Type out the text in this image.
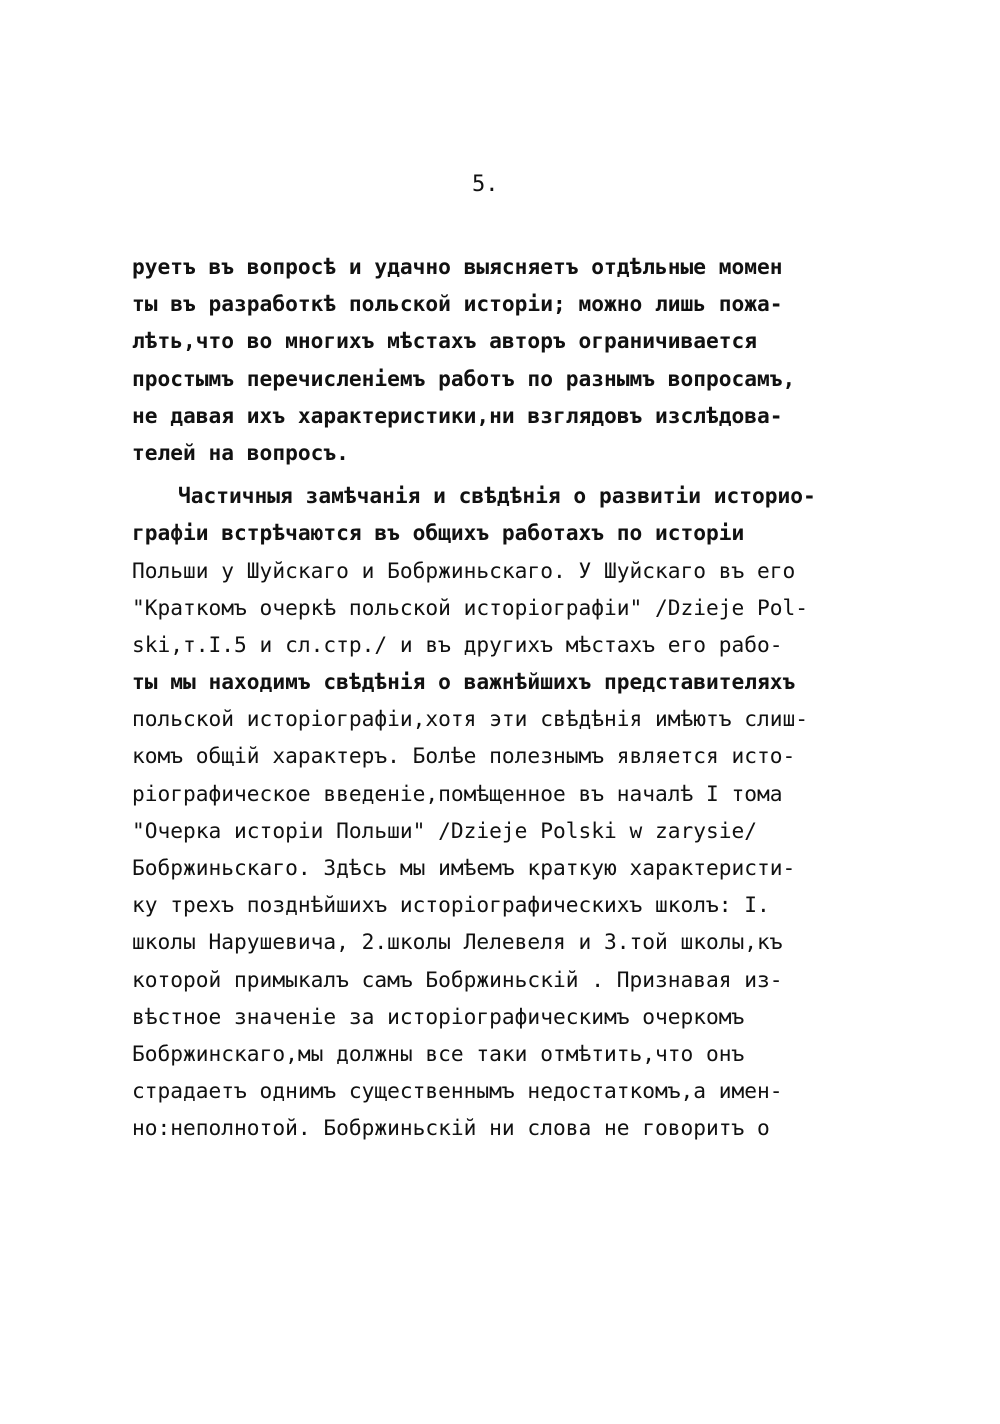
5.
руетъ въ вопросѣ и удачно выясняетъ отдѣльные момен
ты въ разработкѣ польской исторіи; можно лишь пожа-
лѣть,что во многихъ мѣстахъ авторъ ограничивается
простымъ перечисленіемъ работъ по разнымъ вопросамъ,
не давая ихъ характеристики,ни взглядовъ изслѣдова-
телей на вопросъ.
Частичныя замѣчанія и свѣдѣнія о развитіи историо-
графіи встрѣчаются въ общихъ работахъ по исторіи
Польши у Шуйскаго и Бобржиньскаго. У Шуйскаго въ его
"Краткомъ очеркѣ польской исторіографіи" /Dzieje Pol-
ski,т.I.5 и сл.стр./ и въ другихъ мѣстахъ его рабо-
ты мы находимъ свѣдѣнія о важнѣйшихъ представителяхъ
польской исторіографіи,хотя эти свѣдѣнія имѣютъ слиш-
комъ общій характеръ. Болѣе полезнымъ является исто-
ріографическое введеніе,помѣщенное въ началѣ I тома
"Очерка исторіи Польши" /Dzieje Polski w zarysie/
Бобржиньскаго. Здѣсь мы имѣемъ краткую характеристи-
ку трехъ позднѣйшихъ исторіографическихъ школъ: I.
школы Нарушевича, 2.школы Лелевеля и 3.той школы,къ
которой примыкалъ самъ Бобржиньскій . Признавая из-
вѣстное значеніе за исторіографическимъ очеркомъ
Бобржинскаго,мы должны все таки отмѣтить,что онъ
страдаетъ однимъ существеннымъ недостаткомъ,а имен-
но:неполнотой. Бобржиньскій ни слова не говоритъ о
